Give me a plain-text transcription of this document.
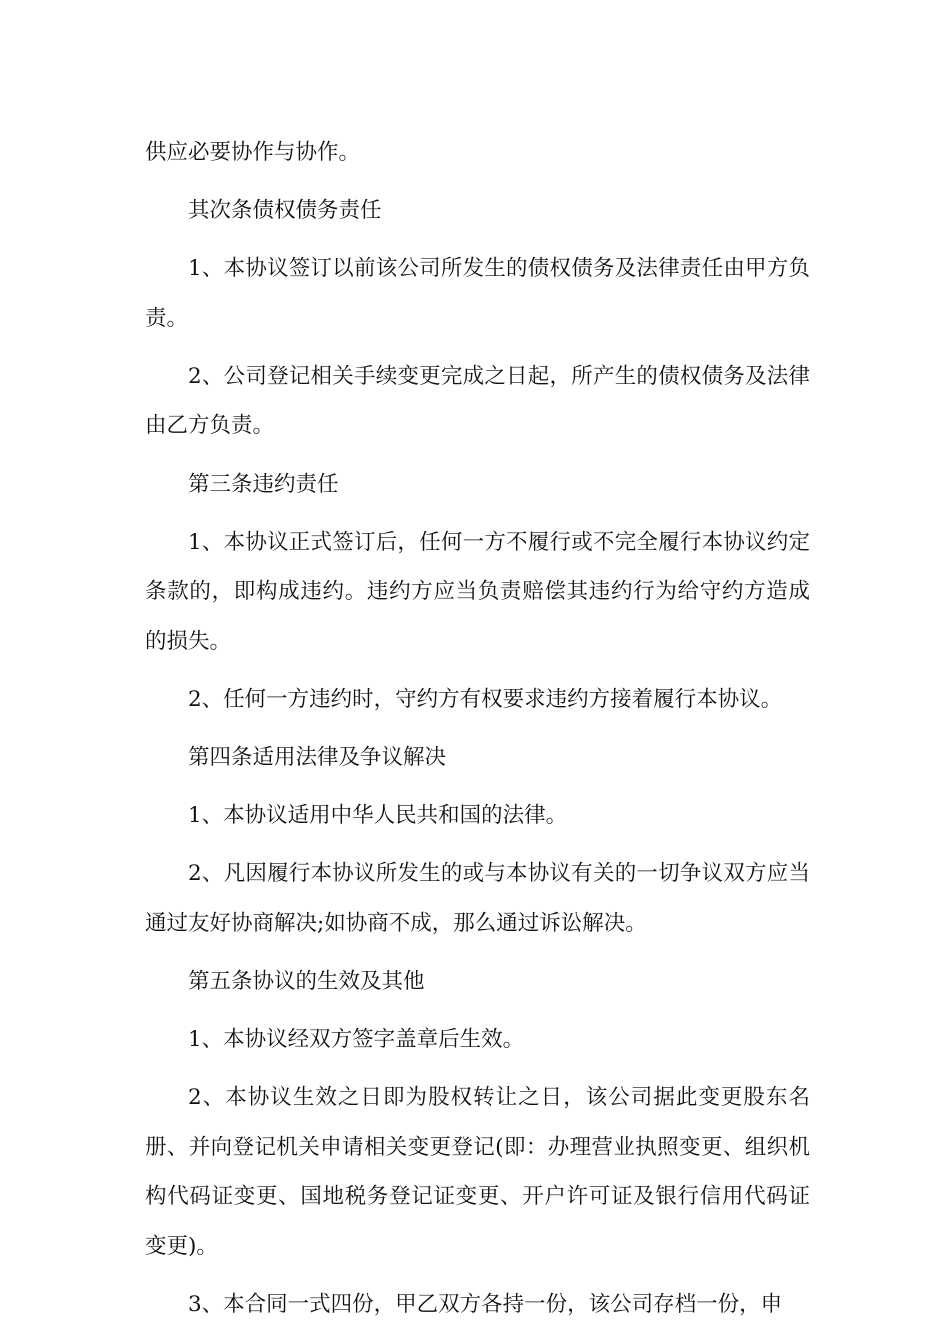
供应必要协作与协作。

其次条债权债务责任

1、本协议签订以前该公司所发生的债权债务及法律责任由甲方负责。

2、公司登记相关手续变更完成之日起，所产生的债权债务及法律由乙方负责。

第三条违约责任

1、本协议正式签订后，任何一方不履行或不完全履行本协议约定条款的，即构成违约。违约方应当负责赔偿其违约行为给守约方造成的损失。

2、任何一方违约时，守约方有权要求违约方接着履行本协议。

第四条适用法律及争议解决

1、本协议适用中华人民共和国的法律。

2、凡因履行本协议所发生的或与本协议有关的一切争议双方应当通过友好协商解决;如协商不成，那么通过诉讼解决。

第五条协议的生效及其他

1、本协议经双方签字盖章后生效。

2、本协议生效之日即为股权转让之日，该公司据此变更股东名册、并向登记机关申请相关变更登记(即：办理营业执照变更、组织机构代码证变更、国地税务登记证变更、开户许可证及银行信用代码证变更)。

3、本合同一式四份，甲乙双方各持一份，该公司存档一份，申
